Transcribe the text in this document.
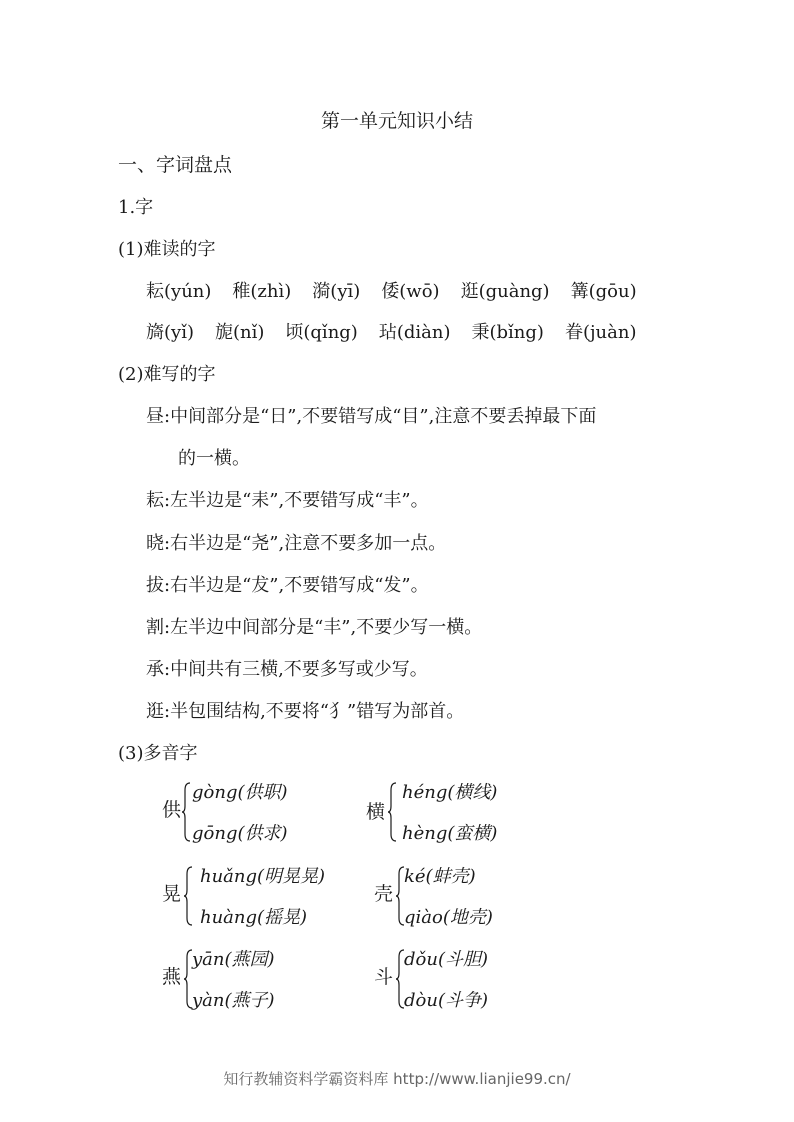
第一单元知识小结
一、字词盘点
1.字
(1)难读的字
耘(yún) 稚(zhì) 漪(yī) 倭(wō) 逛(guàng) 篝(gōu)
旖(yǐ) 旎(nǐ) 顷(qǐng) 玷(diàn) 秉(bǐng) 眷(juàn)
(2)难写的字
昼:中间部分是“日”,不要错写成“目”,注意不要丢掉最下面
的一横。
耘:左半边是“耒”,不要错写成“丰”。
晓:右半边是“尧”,注意不要多加一点。
拔:右半边是“犮”,不要错写成“发”。
割:左半边中间部分是“丰”,不要少写一横。
承:中间共有三横,不要多写或少写。
逛:半包围结构,不要将“犭”错写为部首。
(3)多音字
供
gòng(供职)
gōng(供求)
横
héng(横线)
hèng(蛮横)
晃
huǎng(明晃晃)
huàng(摇晃)
壳
ké(蚌壳)
qiào(地壳)
燕
yān(燕园)
yàn(燕子)
斗
dǒu(斗胆)
dòu(斗争)
知行教辅资料学霸资料库 http://www.lianjie99.cn/
